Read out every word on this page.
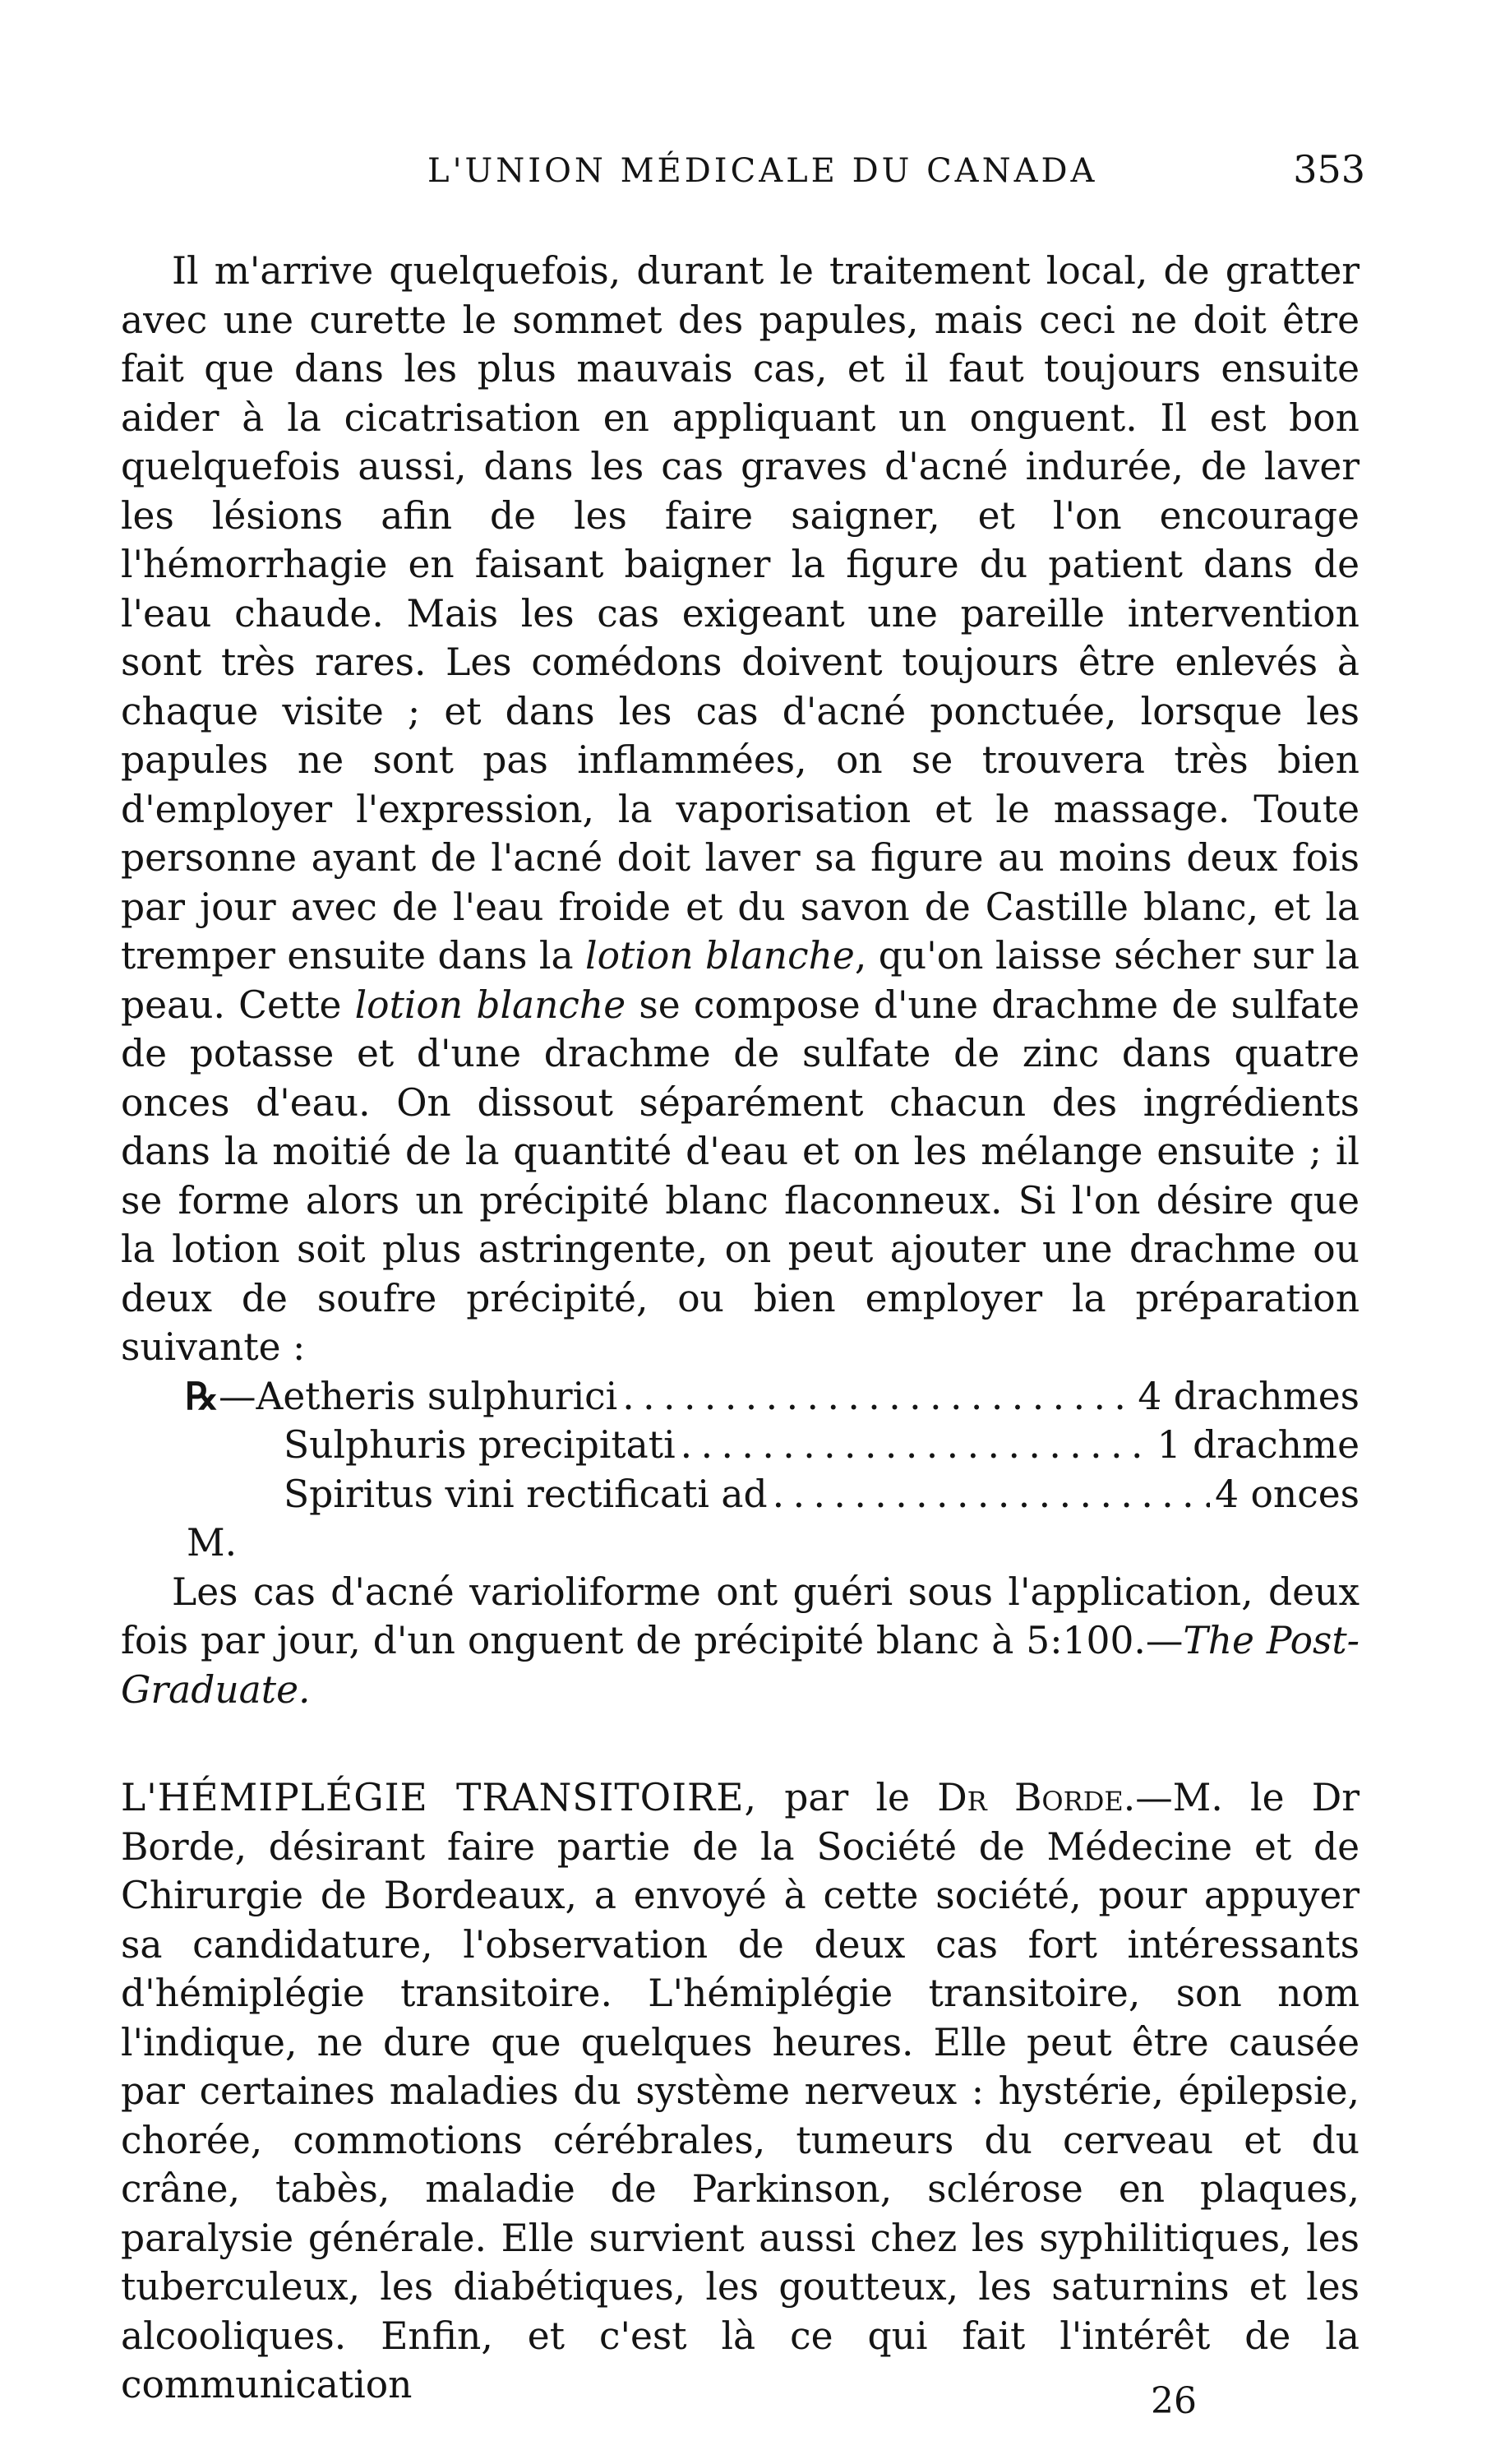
L'UNION MÉDICALE DU CANADA	353

Il m'arrive quelquefois, durant le traitement local, de gratter avec une curette le sommet des papules, mais ceci ne doit être fait que dans les plus mauvais cas, et il faut toujours ensuite aider à la cicatrisation en appliquant un onguent. Il est bon quelquefois aussi, dans les cas graves d'acné indurée, de laver les lésions afin de les faire saigner, et l'on encourage l'hémorrhagie en faisant baigner la figure du patient dans de l'eau chaude. Mais les cas exigeant une pareille intervention sont très rares. Les comédons doivent toujours être enlevés à chaque visite ; et dans les cas d'acné ponctuée, lorsque les papules ne sont pas inflammées, on se trouvera très bien d'employer l'expression, la vaporisation et le massage. Toute personne ayant de l'acné doit laver sa figure au moins deux fois par jour avec de l'eau froide et du savon de Castille blanc, et la tremper ensuite dans la lotion blanche, qu'on laisse sécher sur la peau. Cette lotion blanche se compose d'une drachme de sulfate de potasse et d'une drachme de sulfate de zinc dans quatre onces d'eau. On dissout séparément chacun des ingrédients dans la moitié de la quantité d'eau et on les mélange ensuite ; il se forme alors un précipité blanc flaconneux. Si l'on désire que la lotion soit plus astringente, on peut ajouter une drachme ou deux de soufre précipité, ou bien employer la préparation suivante :

℞ —Aetheris sulphurici . . .	4 drachmes
Sulphuris precipitati . . .	1 drachme
Spiritus vini rectificati ad . . .	4 onces
M.

Les cas d'acné varioliforme ont guéri sous l'application, deux fois par jour, d'un onguent de précipité blanc à 5:100.—The Post-Graduate.

L'HÉMIPLÉGIE TRANSITOIRE, par le Dr Borde.—M. le Dr Borde, désirant faire partie de la Société de Médecine et de Chirurgie de Bordeaux, a envoyé à cette société, pour appuyer sa candidature, l'observation de deux cas fort intéressants d'hémiplégie transitoire. L'hémiplégie transitoire, son nom l'indique, ne dure que quelques heures. Elle peut être causée par certaines maladies du système nerveux : hystérie, épilepsie, chorée, commotions cérébrales, tumeurs du cerveau et du crâne, tabès, maladie de Parkinson, sclérose en plaques, paralysie générale. Elle survient aussi chez les syphilitiques, les tuberculeux, les diabétiques, les goutteux, les saturnins et les alcooliques. Enfin, et c'est là ce qui fait l'intérêt de la communication	26
